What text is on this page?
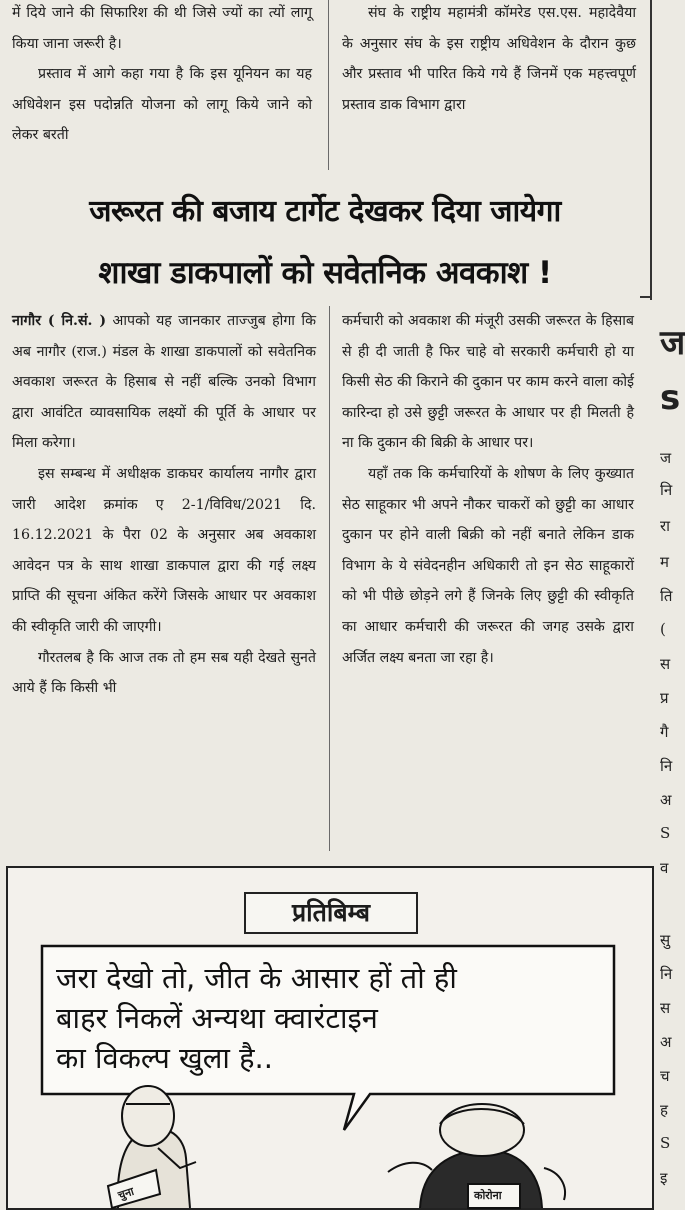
में दिये जाने की सिफारिश की थी जिसे ज्यों का त्यों लागू किया जाना जरूरी है।

प्रस्ताव में आगे कहा गया है कि इस यूनियन का यह अधिवेशन इस पदोन्नति योजना को लागू किये जाने को लेकर बरती

संघ के राष्ट्रीय महामंत्री कॉमरेड एस.एस. महादेवैया के अनुसार संघ के इस राष्ट्रीय अधिवेशन के दौरान कुछ और प्रस्ताव भी पारित किये गये हैं जिनमें एक महत्त्वपूर्ण प्रस्ताव डाक विभाग द्वारा

जरूरत की बजाय टार्गेट देखकर दिया जायेगा
शाखा डाकपालों को सवेतनिक अवकाश !

नागौर ( नि.सं. ) आपको यह जानकार ताज्जुब होगा कि अब नागौर (राज.) मंडल के शाखा डाकपालों को सवेतनिक अवकाश जरूरत के हिसाब से नहीं बल्कि उनको विभाग द्वारा आवंटित व्यावसायिक लक्ष्यों की पूर्ति के आधार पर मिला करेगा।

इस सम्बन्ध में अधीक्षक डाकघर कार्यालय नागौर द्वारा जारी आदेश क्रमांक ए 2-1/विविध/2021 दि. 16.12.2021 के पैरा 02 के अनुसार अब अवकाश आवेदन पत्र के साथ शाखा डाकपाल द्वारा की गई लक्ष्य प्राप्ति की सूचना अंकित करेंगे जिसके आधार पर अवकाश की स्वीकृति जारी की जाएगी।

गौरतलब है कि आज तक तो हम सब यही देखते सुनते आये हैं कि किसी भी

कर्मचारी को अवकाश की मंजूरी उसकी जरूरत के हिसाब से ही दी जाती है फिर चाहे वो सरकारी कर्मचारी हो या किसी सेठ की किराने की दुकान पर काम करने वाला कोई कारिन्दा हो उसे छुट्टी जरूरत के आधार पर ही मिलती है ना कि दुकान की बिक्री के आधार पर।

यहाँ तक कि कर्मचारियों के शोषण के लिए कुख्यात सेठ साहूकार भी अपने नौकर चाकरों को छुट्टी का आधार दुकान पर होने वाली बिक्री को नहीं बनाते लेकिन डाक विभाग के ये संवेदनहीन अधिकारी तो इन सेठ साहूकारों को भी पीछे छोड़ने लगे हैं जिनके लिए छुट्टी की स्वीकृति का आधार कर्मचारी की जरूरत की जगह उसके द्वारा अर्जित लक्ष्य बनता जा रहा है।

ज
s
ज
नि
रा
म
ति
(
स
प्र
गै
नि
अ
S
व
सु
नि
स
अ
च
ह
S
इ
प्रतिबिम्ब
जरा देखो तो, जीत के आसार हों तो ही
बाहर निकलें अन्यथा क्वारंटाइन
का विकल्प खुला है..
चुना	कोरोना
